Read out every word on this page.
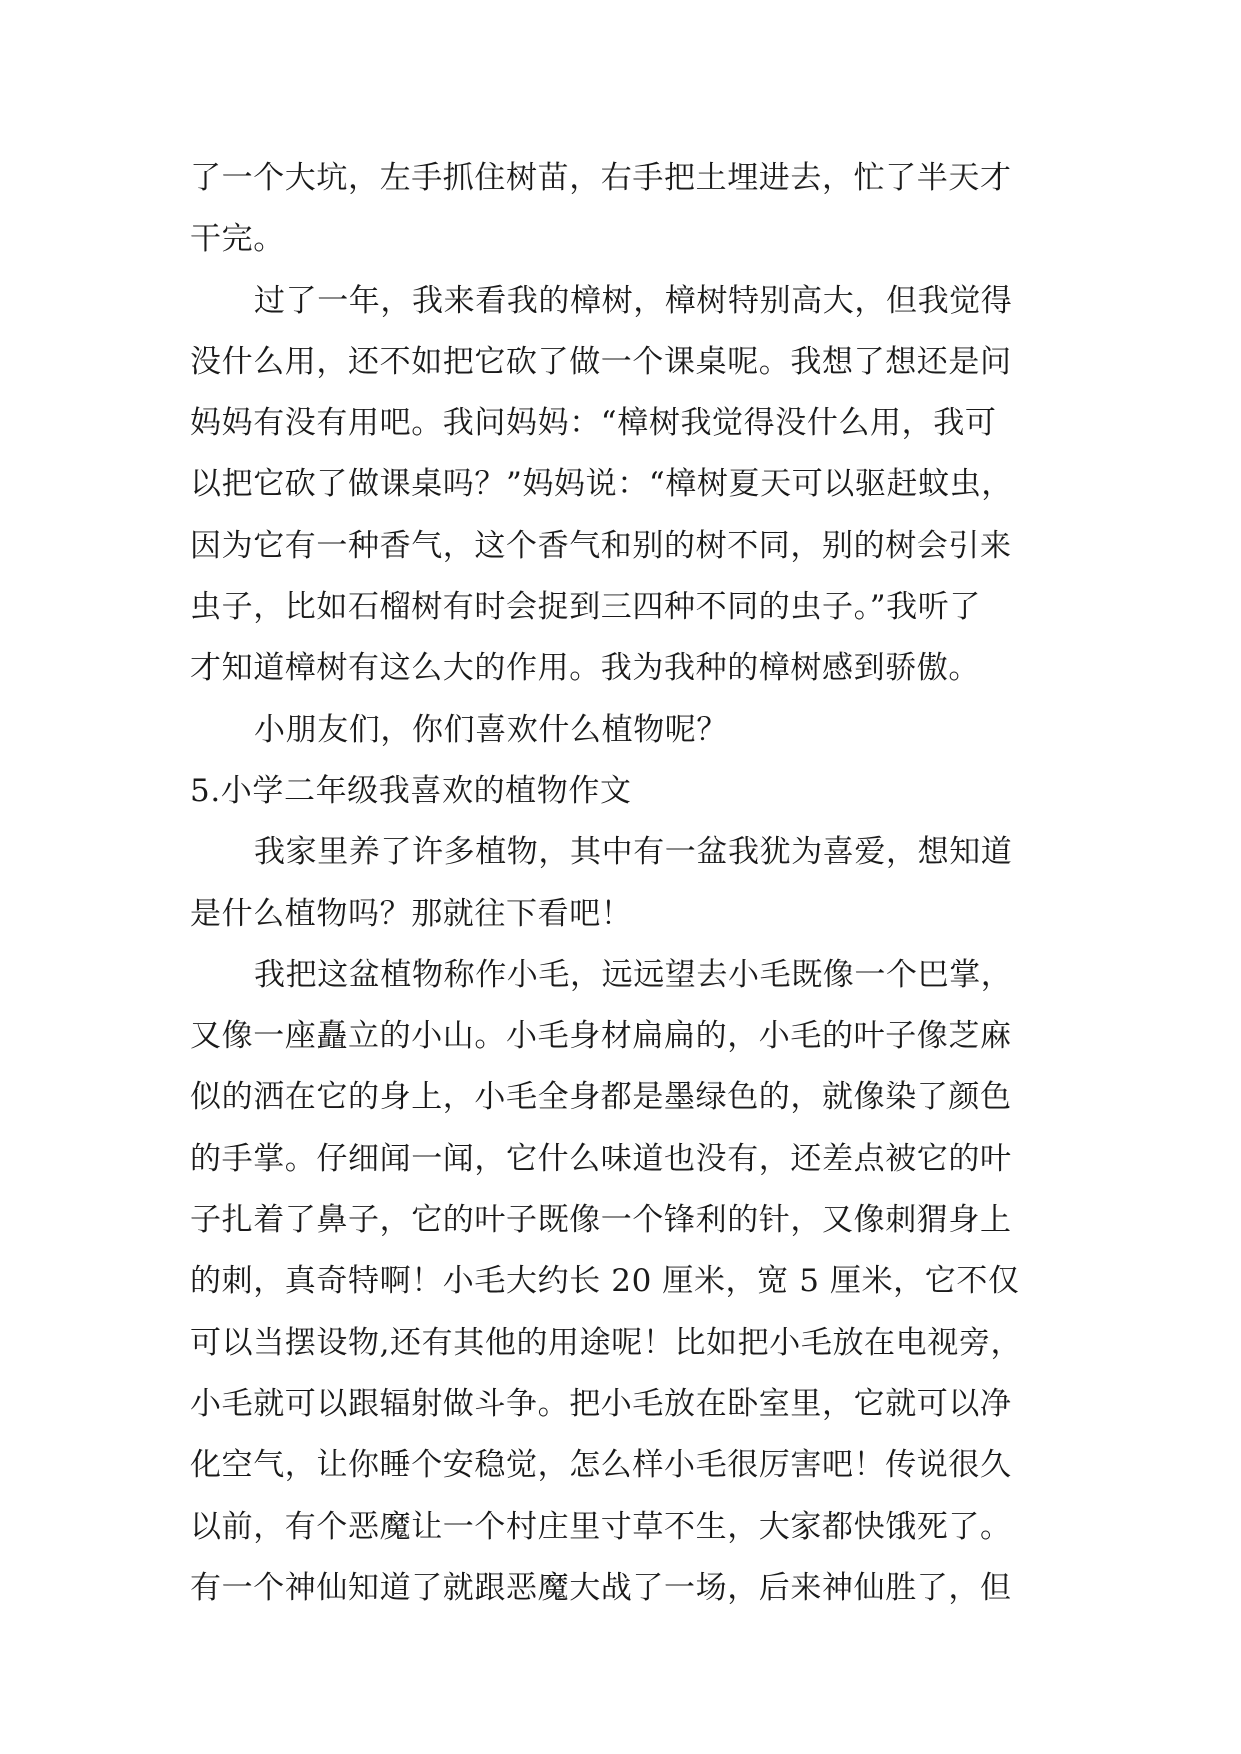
了一个大坑，左手抓住树苗，右手把土埋进去，忙了半天才
干完。
过了一年，我来看我的樟树，樟树特别高大，但我觉得
没什么用，还不如把它砍了做一个课桌呢。我想了想还是问
妈妈有没有用吧。我问妈妈：“樟树我觉得没什么用，我可
以把它砍了做课桌吗？”妈妈说：“樟树夏天可以驱赶蚊虫，
因为它有一种香气，这个香气和别的树不同，别的树会引来
虫子，比如石榴树有时会捉到三四种不同的虫子。”我听了
才知道樟树有这么大的作用。我为我种的樟树感到骄傲。
小朋友们，你们喜欢什么植物呢？
5.小学二年级我喜欢的植物作文
我家里养了许多植物，其中有一盆我犹为喜爱，想知道
是什么植物吗？那就往下看吧！
我把这盆植物称作小毛，远远望去小毛既像一个巴掌，
又像一座矗立的小山。小毛身材扁扁的，小毛的叶子像芝麻
似的洒在它的身上，小毛全身都是墨绿色的，就像染了颜色
的手掌。仔细闻一闻，它什么味道也没有，还差点被它的叶
子扎着了鼻子，它的叶子既像一个锋利的针，又像刺猬身上
的刺，真奇特啊！小毛大约长 20 厘米，宽 5 厘米，它不仅
可以当摆设物,还有其他的用途呢！比如把小毛放在电视旁，
小毛就可以跟辐射做斗争。把小毛放在卧室里，它就可以净
化空气，让你睡个安稳觉，怎么样小毛很厉害吧！传说很久
以前，有个恶魔让一个村庄里寸草不生，大家都快饿死了。
有一个神仙知道了就跟恶魔大战了一场，后来神仙胜了，但
